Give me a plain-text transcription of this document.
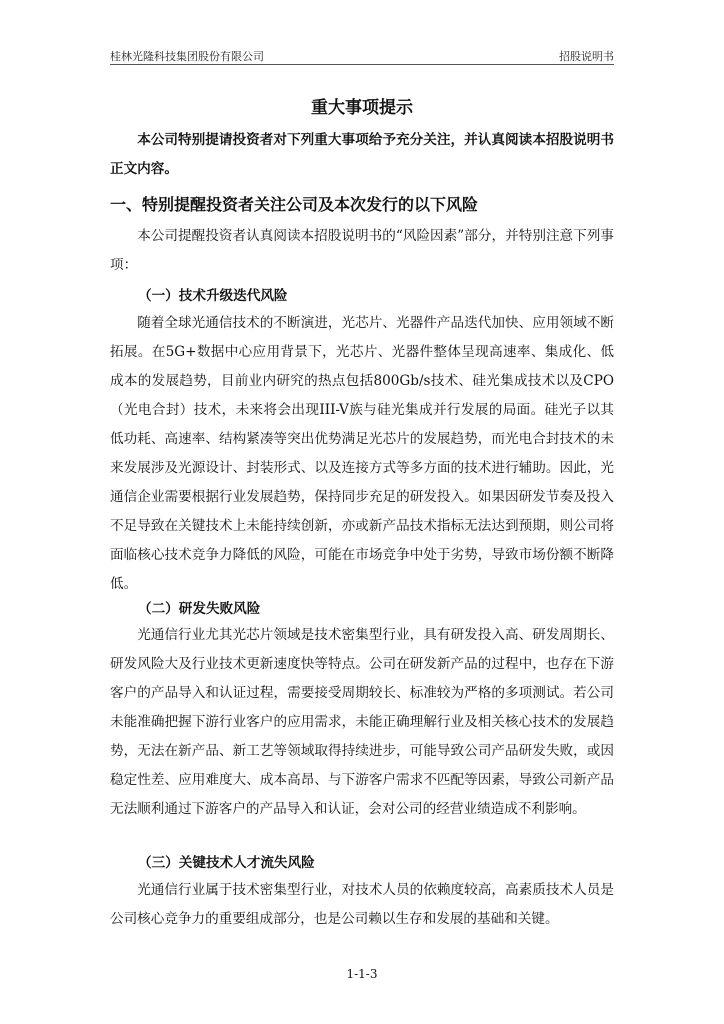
桂林光隆科技集团股份有限公司	招股说明书
重大事项提示

本公司特别提请投资者对下列重大事项给予充分关注，并认真阅读本招股说明书正文内容。

一、特别提醒投资者关注公司及本次发行的以下风险

本公司提醒投资者认真阅读本招股说明书的“风险因素”部分，并特别注意下列事项：

（一）技术升级迭代风险

随着全球光通信技术的不断演进，光芯片、光器件产品迭代加快、应用领域不断拓展。在5G+数据中心应用背景下，光芯片、光器件整体呈现高速率、集成化、低成本的发展趋势，目前业内研究的热点包括800Gb/s技术、硅光集成技术以及CPO（光电合封）技术，未来将会出现III-V族与硅光集成并行发展的局面。硅光子以其低功耗、高速率、结构紧凑等突出优势满足光芯片的发展趋势，而光电合封技术的未来发展涉及光源设计、封装形式、以及连接方式等多方面的技术进行辅助。因此，光通信企业需要根据行业发展趋势，保持同步充足的研发投入。如果因研发节奏及投入不足导致在关键技术上未能持续创新，亦或新产品技术指标无法达到预期，则公司将面临核心技术竞争力降低的风险，可能在市场竞争中处于劣势，导致市场份额不断降低。

（二）研发失败风险

光通信行业尤其光芯片领域是技术密集型行业，具有研发投入高、研发周期长、研发风险大及行业技术更新速度快等特点。公司在研发新产品的过程中，也存在下游客户的产品导入和认证过程，需要接受周期较长、标准较为严格的多项测试。若公司未能准确把握下游行业客户的应用需求，未能正确理解行业及相关核心技术的发展趋势，无法在新产品、新工艺等领域取得持续进步，可能导致公司产品研发失败，或因稳定性差、应用难度大、成本高昂、与下游客户需求不匹配等因素，导致公司新产品无法顺利通过下游客户的产品导入和认证，会对公司的经营业绩造成不利影响。

（三）关键技术人才流失风险

光通信行业属于技术密集型行业，对技术人员的依赖度较高，高素质技术人员是公司核心竞争力的重要组成部分，也是公司赖以生存和发展的基础和关键。

1-1-3
